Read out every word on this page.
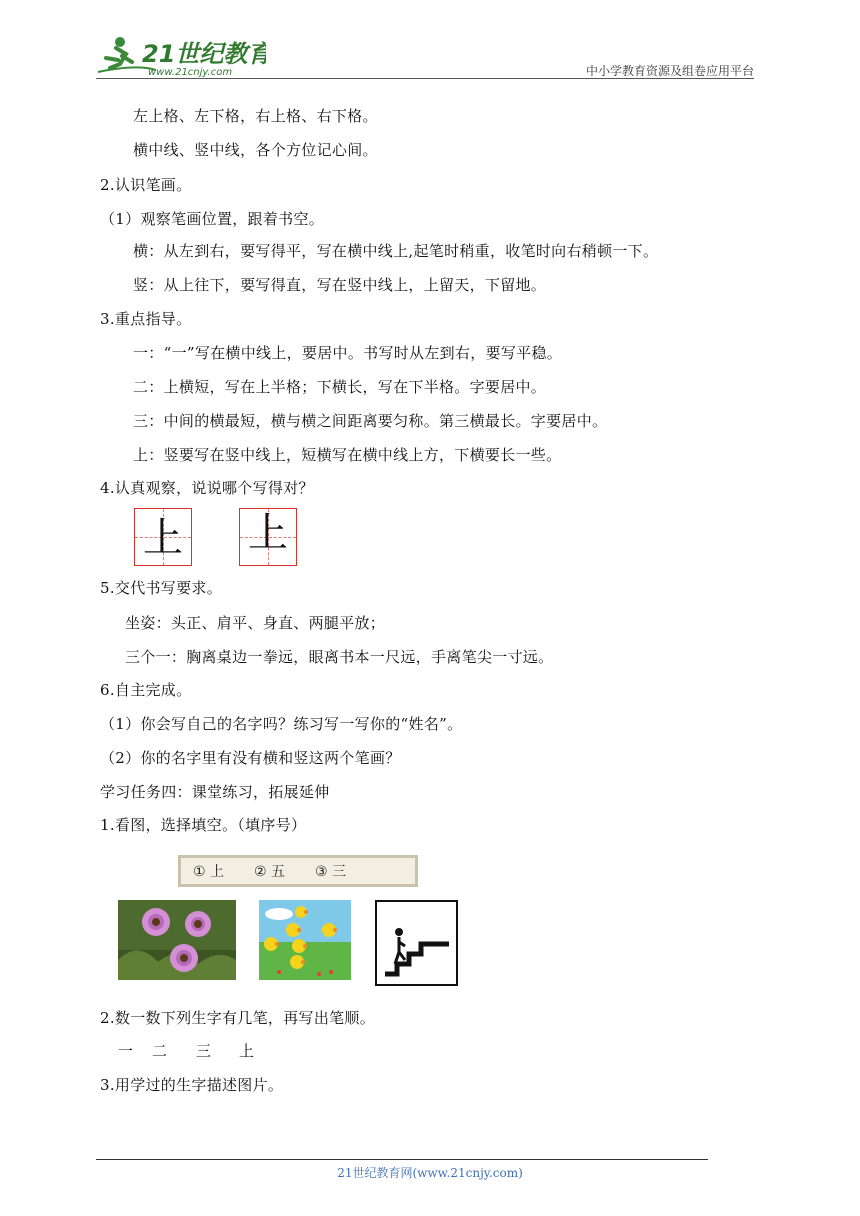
21世纪教育
www.21cnjy.com	中小学教育资源及组卷应用平台
左上格、左下格，右上格、右下格。
横中线、竖中线，各个方位记心间。
2.认识笔画。
（1）观察笔画位置，跟着书空。
横：从左到右，要写得平，写在横中线上,起笔时稍重，收笔时向右稍顿一下。
竖：从上往下，要写得直，写在竖中线上，上留天，下留地。
3.重点指导。
一：“一”写在横中线上，要居中。书写时从左到右，要写平稳。
二：上横短，写在上半格；下横长，写在下半格。字要居中。
三：中间的横最短，横与横之间距离要匀称。第三横最长。字要居中。
上：竖要写在竖中线上，短横写在横中线上方，下横要长一些。
4.认真观察，说说哪个写得对？
上 上
5.交代书写要求。
坐姿：头正、肩平、身直、两腿平放；
三个一：胸离桌边一拳远，眼离书本一尺远，手离笔尖一寸远。
6.自主完成。
（1）你会写自己的名字吗？练习写一写你的“姓名”。
（2）你的名字里有没有横和竖这两个笔画？
学习任务四：课堂练习，拓展延伸
1.看图，选择填空。（填序号）
① 上 ② 五 ③ 三
2.数一数下列生字有几笔，再写出笔顺。
一 二 三 上
3.用学过的生字描述图片。
21世纪教育网(www.21cnjy.com)
